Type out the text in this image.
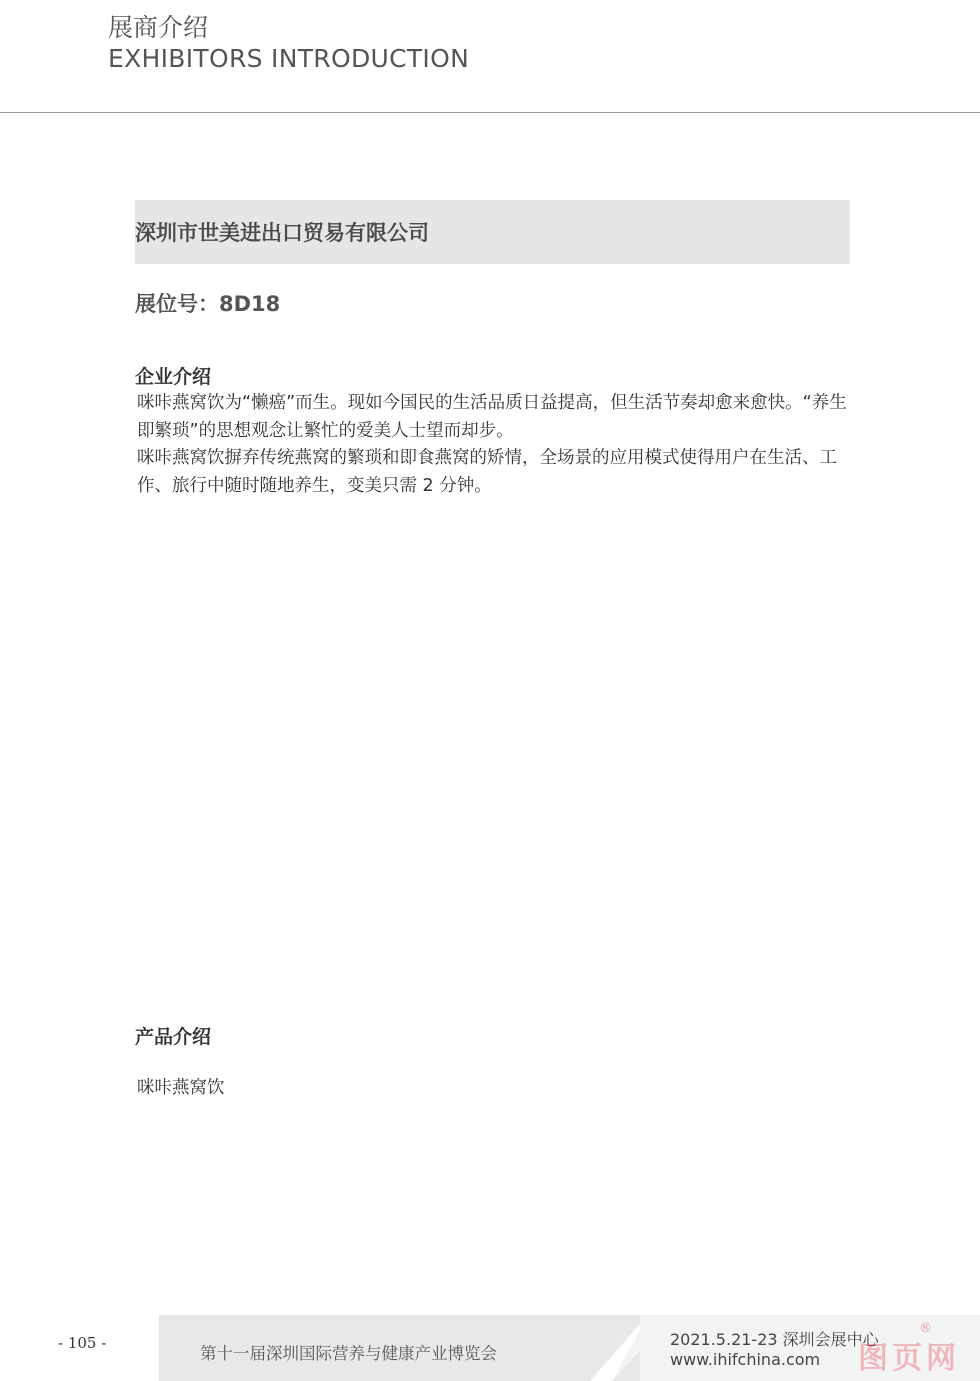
展商介绍
EXHIBITORS INTRODUCTION
深圳市世美进出口贸易有限公司
展位号：8D18
企业介绍

咪咔燕窝饮为“懒癌”而生。现如今国民的生活品质日益提高，但生活节奏却愈来愈快。“养生即繁琐”的思想观念让繁忙的爱美人士望而却步。

咪咔燕窝饮摒弃传统燕窝的繁琐和即食燕窝的矫情，全场景的应用模式使得用户在生活、工作、旅行中随时随地养生，变美只需 2 分钟。

产品介绍
咪咔燕窝饮
- 105 -
第十一届深圳国际营养与健康产业博览会
2021.5.21-23 深圳会展中心
www.ihifchina.com 图页网
®
